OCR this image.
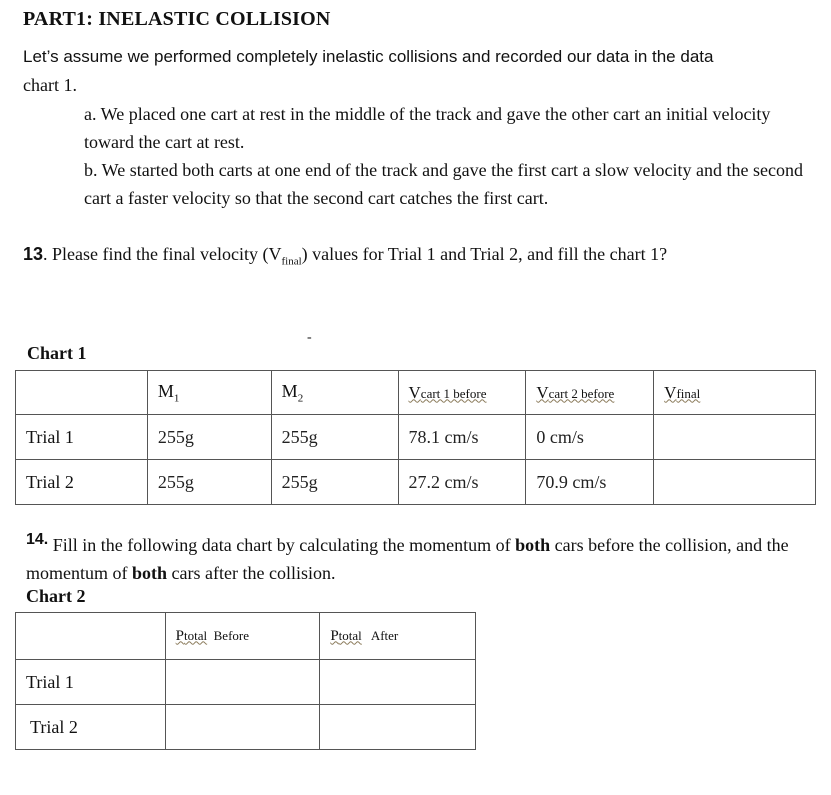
PART1: INELASTIC COLLISION
Let’s assume we performed completely inelastic collisions and recorded our data in the data
chart 1.
a. We placed one cart at rest in the middle of the track and gave the other cart an initial velocity toward the cart at rest.
b. We started both carts at one end of the track and gave the first cart a slow velocity and the second cart a faster velocity so that the second cart catches the first cart.
13. Please find the final velocity $(V_{final})$ values for Trial 1 and Trial 2, and fill the chart 1?
-
Chart 1
	$M_1$	$M_2$	Vcart 1 before	Vcart 2 before	Vfinal
Trial 1	255g	255g	78.1 cm/s	0 cm/s	
Trial 2	255g	255g	27.2 cm/s	70.9 cm/s	
14. Fill in the following data chart by calculating the momentum of both cars before the collision, and the momentum of both cars after the collision.
Chart 2
	Ptotal Before	Ptotal After
Trial 1		
Trial 2		
